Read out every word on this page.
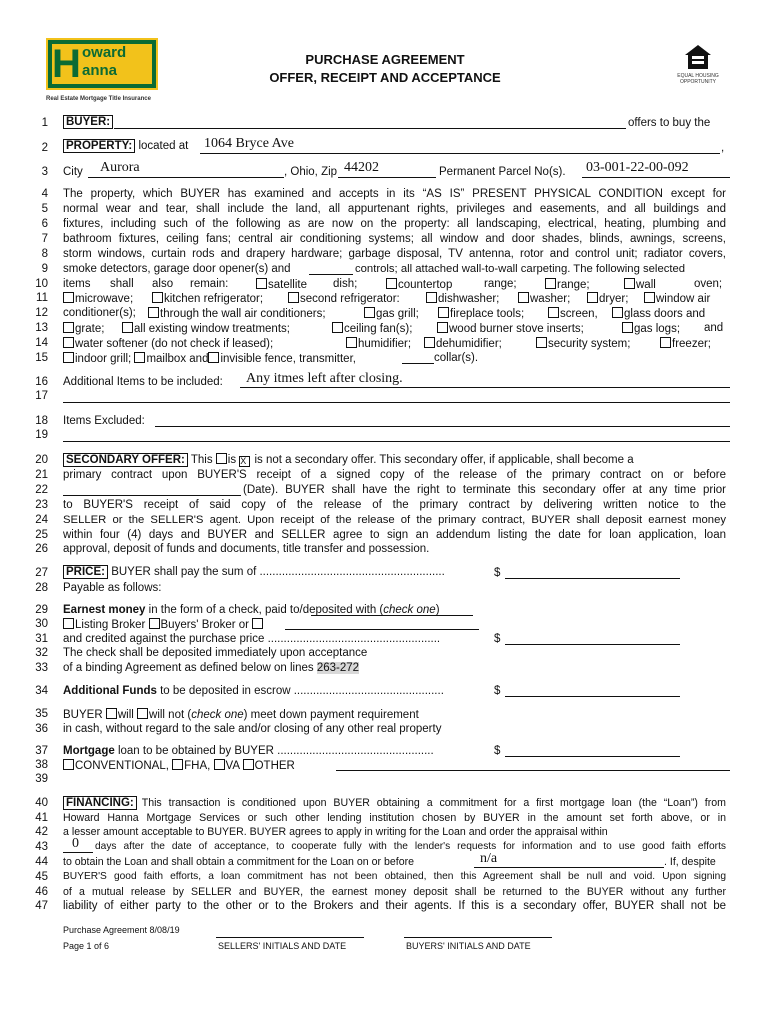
H oward
anna
Real Estate Mortgage Title Insurance
PURCHASE AGREEMENT
OFFER, RECEIPT AND ACCEPTANCE	EQUAL HOUSING OPPORTUNITY
1
2
3
4
5
6
7
8
9
10
11
12
13
14
15
16
17
18
19
20
21
22
23
24
25
26
27
28
29
30
31
32
33
34
35
36
37
38
39
40
41
42
43
44
45
46
47
BUYER:	offers to buy the
PROPERTY: located at 1064 Bryce Ave	,
City Aurora	, Ohio, Zip 44202	Permanent Parcel No(s). 03-001-22-00-092
The property, which BUYER has examined and accepts in its “AS IS” PRESENT PHYSICAL CONDITION except for
normal wear and tear, shall include the land, all appurtenant rights, privileges and easements, and all buildings and
fixtures, including such of the following as are now on the property: all landscaping, electrical, heating, plumbing and
bathroom fixtures, ceiling fans; central air conditioning systems; all window and door shades, blinds, awnings, screens,
storm windows, curtain rods and drapery hardware; garbage disposal, TV antenna, rotor and control unit; radiator covers,
smoke detectors, garage door opener(s) and	controls; all attached wall-to-wall carpeting. The following selected
items shall also remain:	satellite dish;	countertop	range;	range;	wall	oven;
microwave;	kitchen refrigerator;	second refrigerator:	dishwasher;	washer;	dryer;	window air
conditioner(s);	through the wall air conditioners;	gas grill;	fireplace tools;	screen,	glass doors and
grate;	all existing window treatments;	ceiling fan(s);	wood burner stove inserts;	gas logs; and
water softener (do not check if leased);	humidifier;	dehumidifier;	security system;	freezer;
indoor grill; mailbox and invisible fence, transmitter,	collar(s).
Additional Items to be included: Any itmes left after closing.
Items Excluded:
SECONDARY OFFER: This is X is not a secondary offer. This secondary offer, if applicable, shall become a
primary contract upon BUYER'S receipt of a signed copy of the release of the primary contract on or before
(Date). BUYER shall have the right to terminate this secondary offer at any time prior
to BUYER'S receipt of said copy of the release of the primary contract by delivering written notice to the
SELLER or the SELLER'S agent. Upon receipt of the release of the primary contract, BUYER shall deposit earnest money
within four (4) days and BUYER and SELLER agree to sign an addendum listing the date for loan application, loan
approval, deposit of funds and documents, title transfer and possession.
PRICE: BUYER shall pay the sum of ..........................................................	$
Payable as follows:
Earnest money in the form of a check, paid to/deposited with (check one)
Listing Broker Buyers' Broker or
and credited against the purchase price ......................................................	$
The check shall be deposited immediately upon acceptance
of a binding Agreement as defined below on lines 263-272
Additional Funds to be deposited in escrow ...............................................	$
BUYER will will not (check one) meet down payment requirement
in cash, without regard to the sale and/or closing of any other real property
Mortgage loan to be obtained by BUYER .................................................	$
CONVENTIONAL, FHA, VA OTHER
FINANCING: This transaction is conditioned upon BUYER obtaining a commitment for a first mortgage loan (the “Loan”) from
Howard Hanna Mortgage Services or such other lending institution chosen by BUYER in the amount set forth above, or in
a lesser amount acceptable to BUYER. BUYER agrees to apply in writing for the Loan and order the appraisal within
0 days after the date of acceptance, to cooperate fully with the lender's requests for information and to use good faith efforts
to obtain the Loan and shall obtain a commitment for the Loan on or before	n/a	. If, despite
BUYER'S good faith efforts, a loan commitment has not been obtained, then this Agreement shall be null and void. Upon signing
of a mutual release by SELLER and BUYER, the earnest money deposit shall be returned to the BUYER without any further
liability of either party to the other or to the Brokers and their agents. If this is a secondary offer, BUYER shall not be
Purchase Agreement 8/08/19
Page 1 of 6	SELLERS' INITIALS AND DATE	BUYERS' INITIALS AND DATE
